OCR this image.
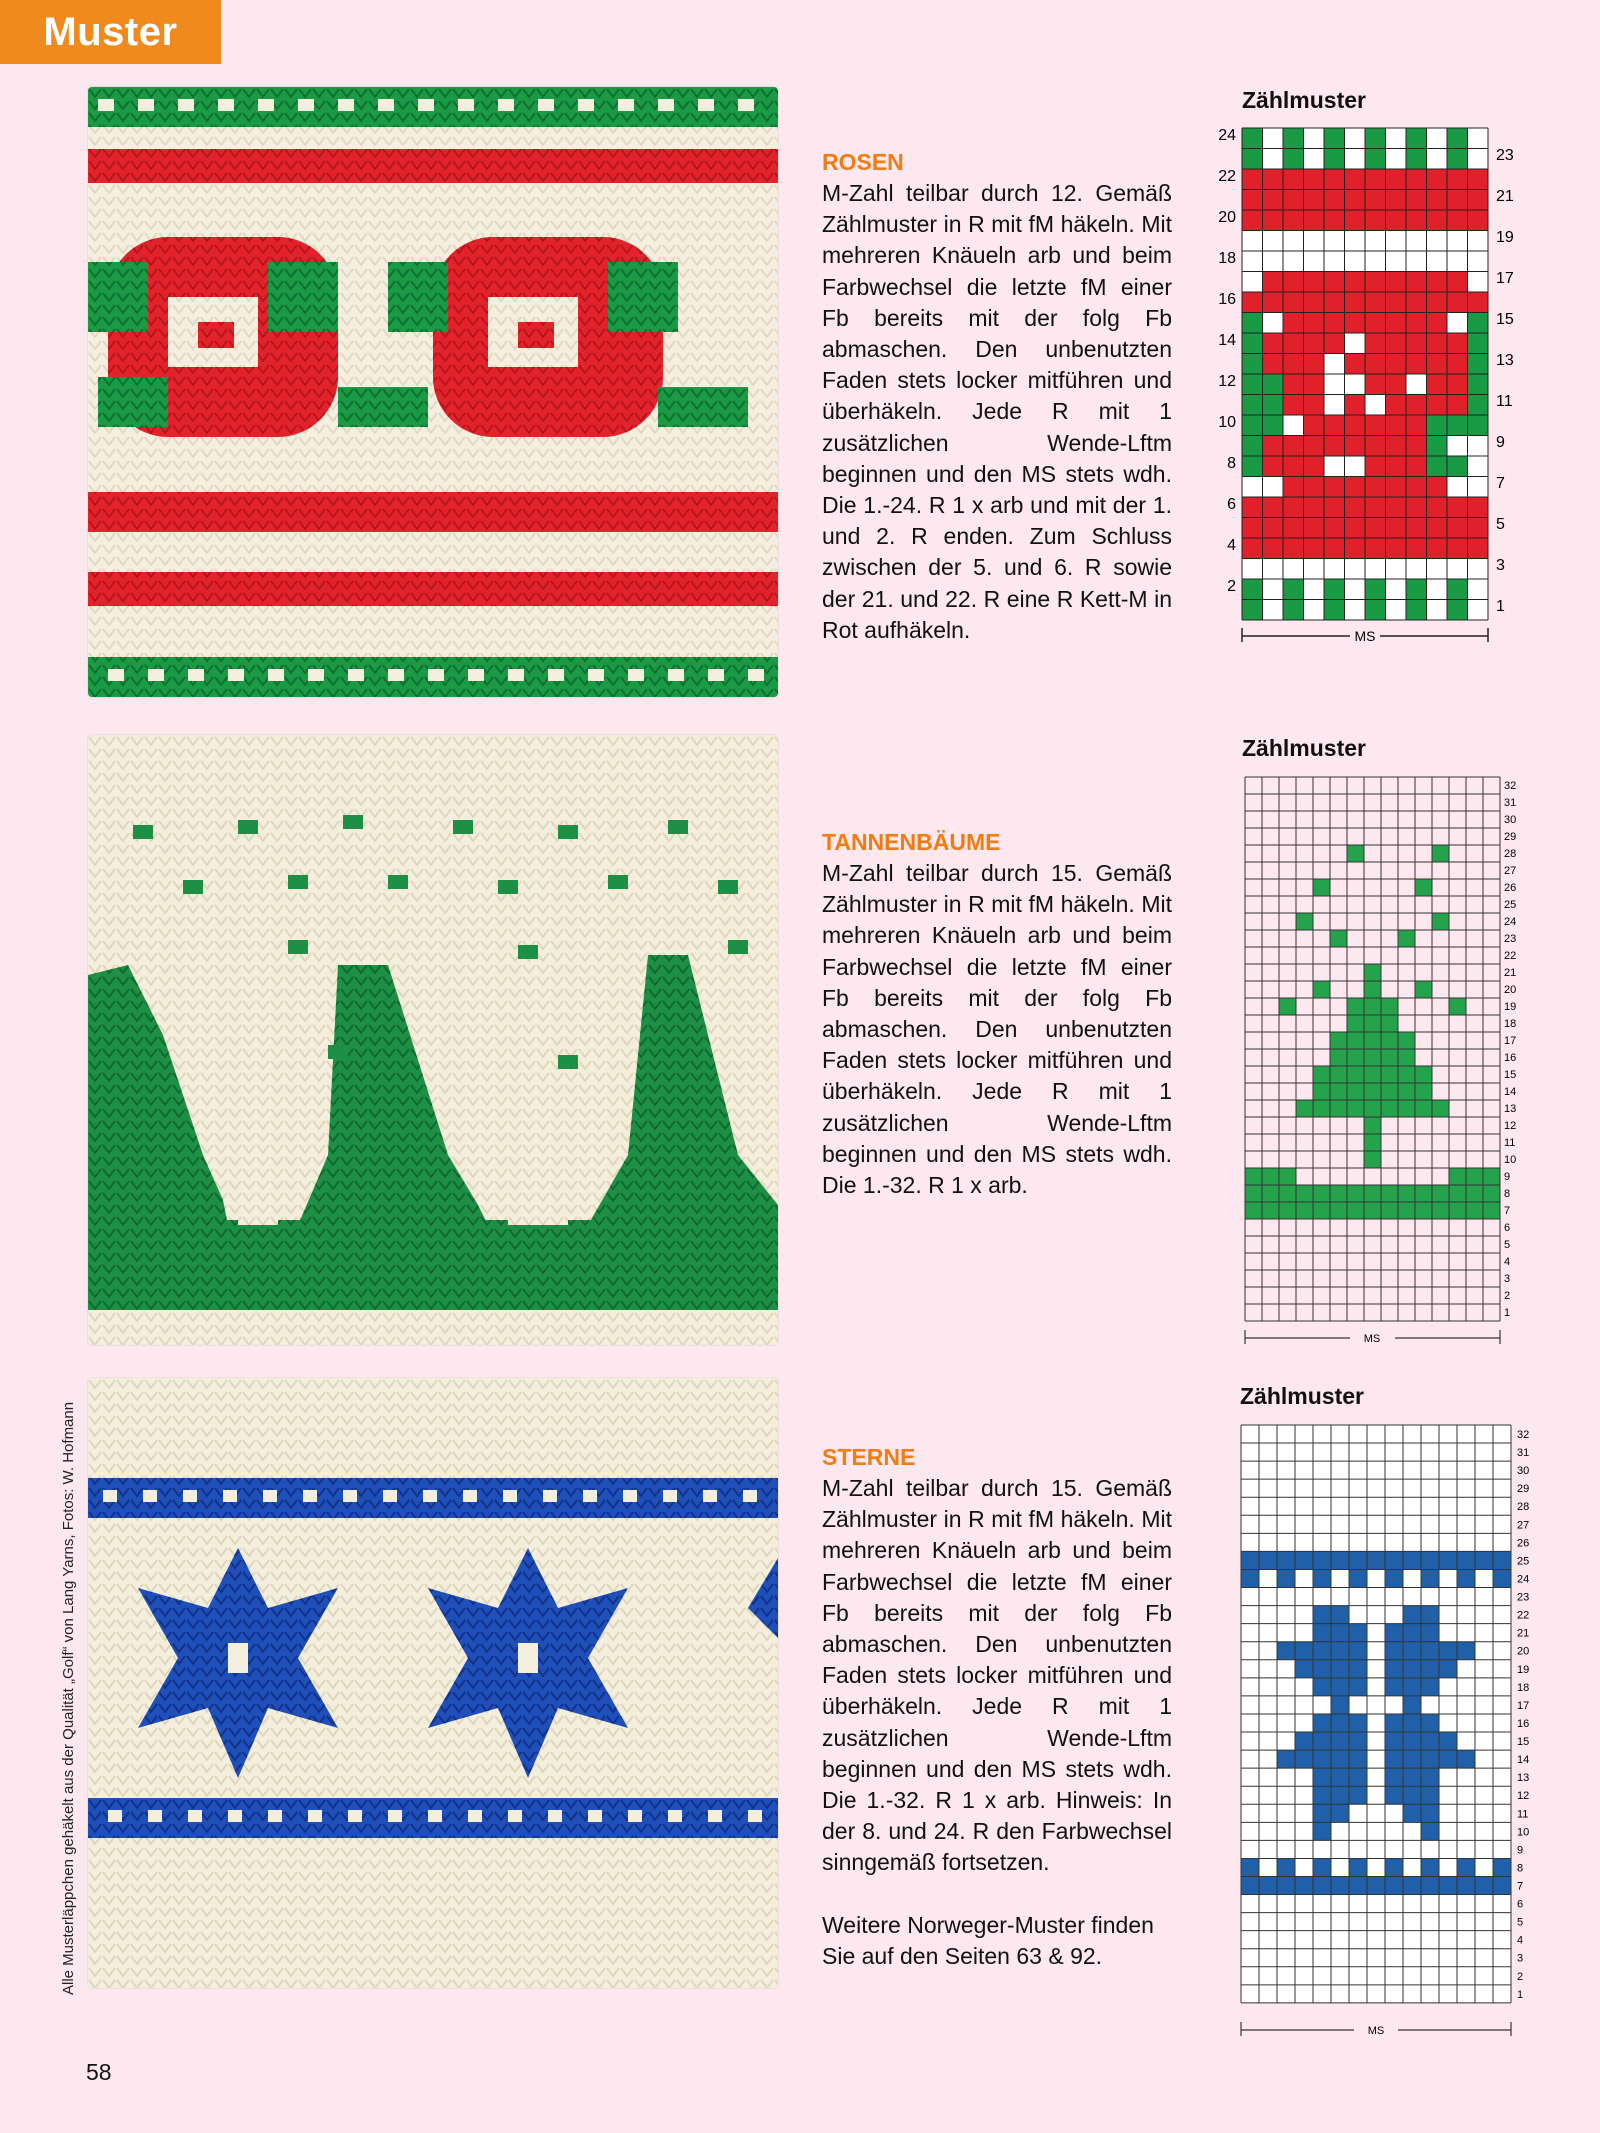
Muster
Alle Musterläppchen gehäkelt aus der Qualität „Golf“ von Lang Yarns, Fotos: W. Hofmann
ROSEN
M-Zahl teilbar durch 12. Gemäß Zählmuster in R mit fM häkeln. Mit mehreren Knäueln arb und beim Farbwechsel die letzte fM einer Fb bereits mit der folg Fb abmaschen. Den unbenutzten Faden stets locker mitführen und überhäkeln. Jede R mit 1 zusätzlichen Wende-Lftm beginnen und den MS stets wdh. Die 1.-24. R 1 x arb und mit der 1. und 2. R enden. Zum Schluss zwischen der 5. und 6. R sowie der 21. und 22. R eine R Kett-M in Rot aufhäkeln.
TANNENBÄUME
M-Zahl teilbar durch 15. Gemäß Zählmuster in R mit fM häkeln. Mit mehreren Knäueln arb und beim Farbwechsel die letzte fM einer Fb bereits mit der folg Fb abmaschen. Den unbenutzten Faden stets locker mitführen und überhäkeln. Jede R mit 1 zusätzlichen Wende-Lftm beginnen und den MS stets wdh. Die 1.-32. R 1 x arb.
STERNE
M-Zahl teilbar durch 15. Gemäß Zählmuster in R mit fM häkeln. Mit mehreren Knäueln arb und beim Farbwechsel die letzte fM einer Fb bereits mit der folg Fb abmaschen. Den unbenutzten Faden stets locker mitführen und überhäkeln. Jede R mit 1 zusätzlichen Wende-Lftm beginnen und den MS stets wdh. Die 1.-32. R 1 x arb. Hinweis: In der 8. und 24. R den Farbwechsel sinngemäß fortsetzen.
Weitere Norweger-Muster finden Sie auf den Seiten 63 & 92.
Zählmuster
Zählmuster
Zählmuster
24
22
20
18
16
14
12
10
8
6
4
2
23
21
19
17
15
13
11
9
7
5
3
1
MS
32
31
30
29
28
27
26
25
24
23
22
21
20
19
18
17
16
15
14
13
12
11
10
9
8
7
6
5
4
3
2
1
MS
32
31
30
29
28
27
26
25
24
23
22
21
20
19
18
17
16
15
14
13
12
11
10
9
8
7
6
5
4
3
2
1
MS
58
